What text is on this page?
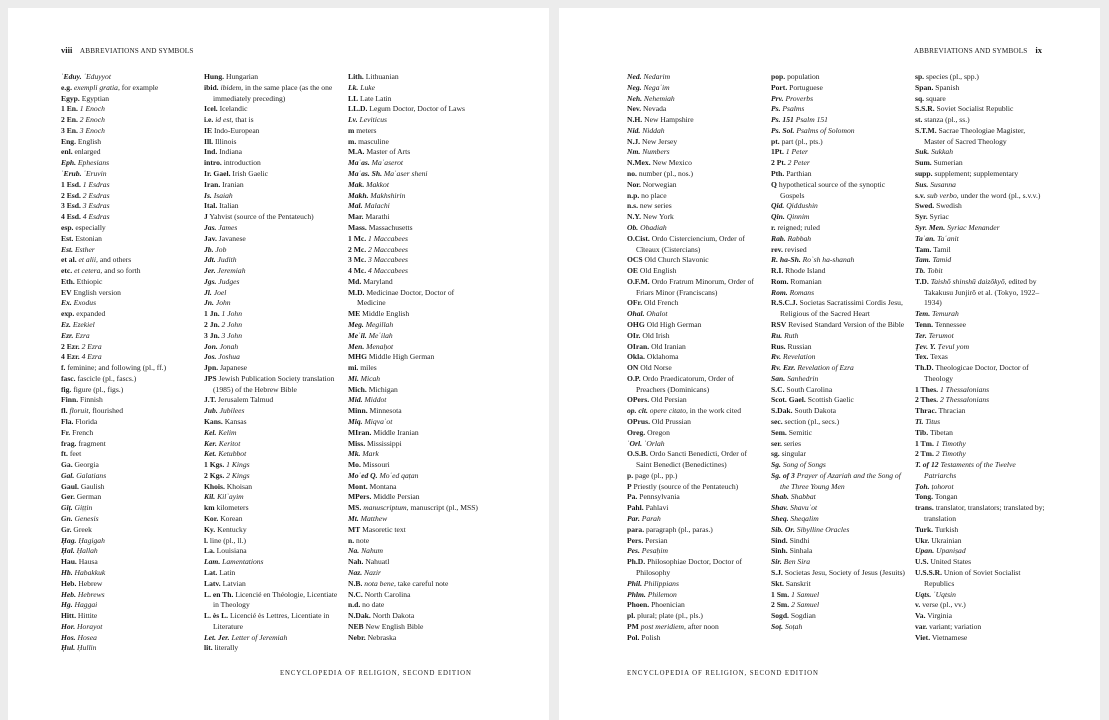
viii ABBREVIATIONS AND SYMBOLS
ʿEduy. ʿEduyyot
e.g. exempli gratia, for example
Egyp. Egyptian
1 En. 1 Enoch
2 En. 2 Enoch
3 En. 3 Enoch
Eng. English
enl. enlarged
Eph. Ephesians
ʿErub. ʿEruvin
1 Esd. 1 Esdras
2 Esd. 2 Esdras
3 Esd. 3 Esdras
4 Esd. 4 Esdras
esp. especially
Est. Estonian
Est. Esther
et al. et alii, and others
etc. et cetera, and so forth
Eth. Ethiopic
EV English version
Ex. Exodus
exp. expanded
Ez. Ezekiel
Ezr. Ezra
2 Ezr. 2 Ezra
4 Ezr. 4 Ezra
f. feminine; and following (pl., ff.)
fasc. fascicle (pl., fascs.)
fig. figure (pl., figs.)
Finn. Finnish
fl. floruit, flourished
Fla. Florida
Fr. French
frag. fragment
ft. feet
Ga. Georgia
Gal. Galatians
Gaul. Gaulish
Ger. German
Giṭ. Giṭṭin
Gn. Genesis
Gr. Greek
Ḥag. Ḥagigah
Ḥal. Ḥallah
Hau. Hausa
Hb. Habakkuk
Heb. Hebrew
Heb. Hebrews
Hg. Haggai
Hitt. Hittite
Hor. Horayot
Hos. Hosea
Ḥul. Ḥullin
Hung. Hungarian
ibid. ibidem, in the same place (as the one immediately preceding)
Icel. Icelandic
i.e. id est, that is
IE Indo-European
Ill. Illinois
Ind. Indiana
intro. introduction
Ir. Gael. Irish Gaelic
Iran. Iranian
Is. Isaiah
Ital. Italian
J Yahvist (source of the Pentateuch)
Jas. James
Jav. Javanese
Jb. Job
Jdt. Judith
Jer. Jeremiah
Jgs. Judges
Jl. Joel
Jn. John
1 Jn. 1 John
2 Jn. 2 John
3 Jn. 3 John
Jon. Jonah
Jos. Joshua
Jpn. Japanese
JPS Jewish Publication Society translation (1985) of the Hebrew Bible
J.T. Jerusalem Talmud
Jub. Jubilees
Kans. Kansas
Kel. Kelim
Ker. Keritot
Ket. Ketubbot
1 Kgs. 1 Kings
2 Kgs. 2 Kings
Khois. Khoisan
Kil. Kilʾayim
km kilometers
Kor. Korean
Ky. Kentucky
l. line (pl., ll.)
La. Louisiana
Lam. Lamentations
Lat. Latin
Latv. Latvian
L. en Th. Licencié en Théologie, Licentiate in Theology
L. ès L. Licencié ès Lettres, Licentiate in Literature
Let. Jer. Letter of Jeremiah
lit. literally
Lith. Lithuanian
Lk. Luke
LL Late Latin
LL.D. Legum Doctor, Doctor of Laws
Lv. Leviticus
m meters
m. masculine
M.A. Master of Arts
Maʿas. Maʿaserot
Maʿas. Sh. Maʿaser sheni
Mak. Makkot
Makh. Makhshirin
Mal. Malachi
Mar. Marathi
Mass. Massachusetts
1 Mc. 1 Maccabees
2 Mc. 2 Maccabees
3 Mc. 3 Maccabees
4 Mc. 4 Maccabees
Md. Maryland
M.D. Medicinae Doctor, Doctor of Medicine
ME Middle English
Meg. Megillah
Meʿil. Meʿilah
Men. Menaḥot
MHG Middle High German
mi. miles
Mi. Micah
Mich. Michigan
Mid. Middot
Minn. Minnesota
Miq. Miqvaʾot
MIran. Middle Iranian
Miss. Mississippi
Mk. Mark
Mo. Missouri
Moʿed Q. Moʿed qaṭan
Mont. Montana
MPers. Middle Persian
MS. manuscriptum, manuscript (pl., MSS)
Mt. Matthew
MT Masoretic text
n. note
Na. Nahum
Nah. Nahuatl
Naz. Nazir
N.B. nota bene, take careful note
N.C. North Carolina
n.d. no date
N.Dak. North Dakota
NEB New English Bible
Nebr. Nebraska
ENCYCLOPEDIA OF RELIGION, SECOND EDITION
ABBREVIATIONS AND SYMBOLS ix
Ned. Nedarim
Neg. Negaʿim
Neh. Nehemiah
Nev. Nevada
N.H. New Hampshire
Nid. Niddah
N.J. New Jersey
Nm. Numbers
N.Mex. New Mexico
no. number (pl., nos.)
Nor. Norwegian
n.p. no place
n.s. new series
N.Y. New York
Ob. Obadiah
O.Cist. Ordo Cisterciencium, Order of Cîteaux (Cistercians)
OCS Old Church Slavonic
OE Old English
O.F.M. Ordo Fratrum Minorum, Order of Friars Minor (Franciscans)
OFr. Old French
Ohal. Ohalot
OHG Old High German
OIr. Old Irish
OIran. Old Iranian
Okla. Oklahoma
ON Old Norse
O.P. Ordo Praedicatorum, Order of Preachers (Dominicans)
OPers. Old Persian
op. cit. opere citato, in the work cited
OPrus. Old Prussian
Oreg. Oregon
ʿOrl. ʿOrlah
O.S.B. Ordo Sancti Benedicti, Order of Saint Benedict (Benedictines)
p. page (pl., pp.)
P Priestly (source of the Pentateuch)
Pa. Pennsylvania
Pahl. Pahlavi
Par. Parah
para. paragraph (pl., paras.)
Pers. Persian
Pes. Pesaḥim
Ph.D. Philosophiae Doctor, Doctor of Philosophy
Phil. Philippians
Phlm. Philemon
Phoen. Phoenician
pl. plural; plate (pl., pls.)
PM post meridiem, after noon
Pol. Polish
pop. population
Port. Portuguese
Prv. Proverbs
Ps. Psalms
Ps. 151 Psalm 151
Ps. Sol. Psalms of Solomon
pt. part (pl., pts.)
1Pt. 1 Peter
2 Pt. 2 Peter
Pth. Parthian
Q hypothetical source of the synoptic Gospels
Qid. Qiddushin
Qin. Qinnim
r. reigned; ruled
Rab. Rabbah
rev. revised
R. ha-Sh. Roʾsh ha-shanah
R.I. Rhode Island
Rom. Romanian
Rom. Romans
R.S.C.J. Societas Sacratissimi Cordis Jesu, Religious of the Sacred Heart
RSV Revised Standard Version of the Bible
Ru. Ruth
Rus. Russian
Rv. Revelation
Rv. Ezr. Revelation of Ezra
San. Sanhedrin
S.C. South Carolina
Scot. Gael. Scottish Gaelic
S.Dak. South Dakota
sec. section (pl., secs.)
Sem. Semitic
ser. series
sg. singular
Sg. Song of Songs
Sg. of 3 Prayer of Azariah and the Song of the Three Young Men
Shab. Shabbat
Shav. Shavuʿot
Sheq. Sheqalim
Sib. Or. Sibylline Oracles
Sind. Sindhi
Sinh. Sinhala
Sir. Ben Sira
S.J. Societas Jesu, Society of Jesus (Jesuits)
Skt. Sanskrit
1 Sm. 1 Samuel
2 Sm. 2 Samuel
Sogd. Sogdian
Soṭ. Soṭah
sp. species (pl., spp.)
Span. Spanish
sq. square
S.S.R. Soviet Socialist Republic
st. stanza (pl., ss.)
S.T.M. Sacrae Theologiae Magister, Master of Sacred Theology
Suk. Sukkah
Sum. Sumerian
supp. supplement; supplementary
Sus. Susanna
s.v. sub verbo, under the word (pl., s.v.v.)
Swed. Swedish
Syr. Syriac
Syr. Men. Syriac Menander
Taʿan. Taʿanit
Tam. Tamil
Tam. Tamid
Tb. Tobit
T.D. Taishō shinshū daizōkyō, edited by Takakusu Junjirō et al. (Tokyo, 1922–1934)
Tem. Temurah
Tenn. Tennessee
Ter. Terumot
Ṭev. Y. Ṭevul yom
Tex. Texas
Th.D. Theologicae Doctor, Doctor of Theology
1 Thes. 1 Thessalonians
2 Thes. 2 Thessalonians
Thrac. Thracian
Ti. Titus
Tib. Tibetan
1 Tm. 1 Timothy
2 Tm. 2 Timothy
T. of 12 Testaments of the Twelve Patriarchs
Ṭoh. ṭohorot
Tong. Tongan
trans. translator, translators; translated by; translation
Turk. Turkish
Ukr. Ukrainian
Upan. Upaniṣad
U.S. United States
U.S.S.R. Union of Soviet Socialist Republics
Uqts. ʿUqtsin
v. verse (pl., vv.)
Va. Virginia
var. variant; variation
Viet. Vietnamese
ENCYCLOPEDIA OF RELIGION, SECOND EDITION
